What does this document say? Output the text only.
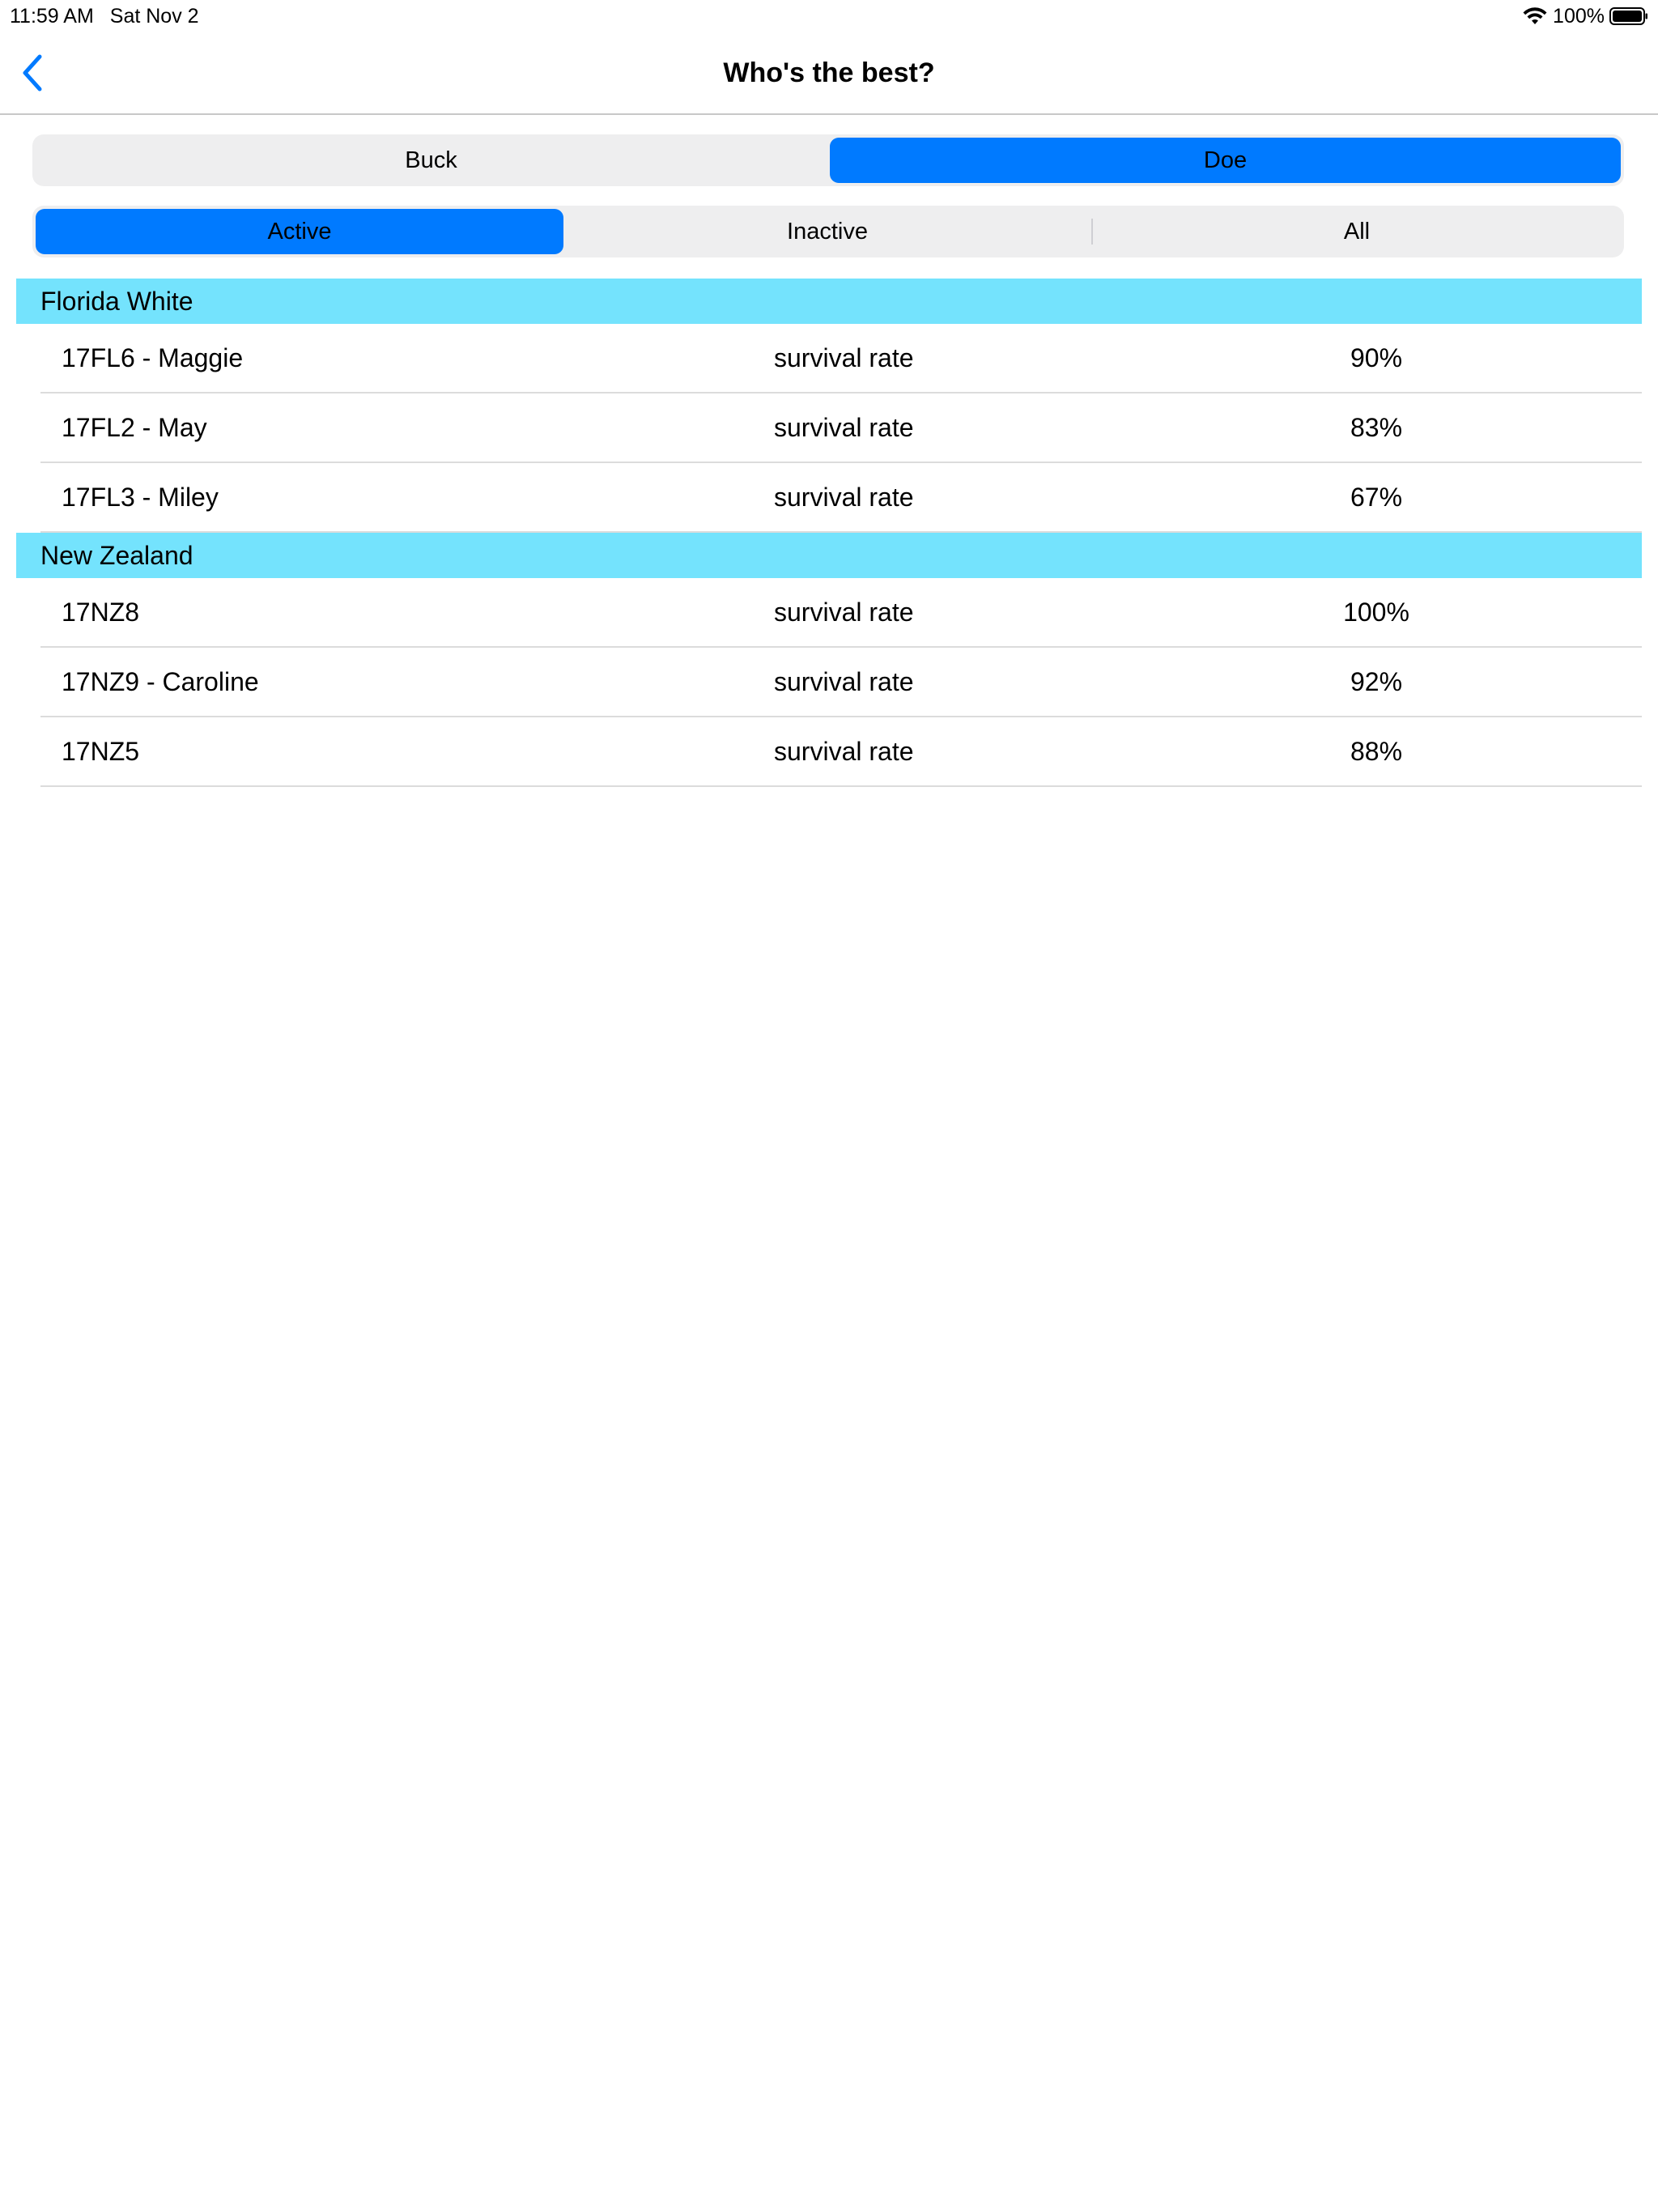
11:59 AM Sat Nov 2	100%
Who's the best?
Buck	Doe
Active	Inactive	All
Florida White
17FL6 - Maggie	survival rate	90%
17FL2 - May	survival rate	83%
17FL3 - Miley	survival rate	67%
New Zealand
17NZ8	survival rate	100%
17NZ9 - Caroline	survival rate	92%
17NZ5	survival rate	88%
